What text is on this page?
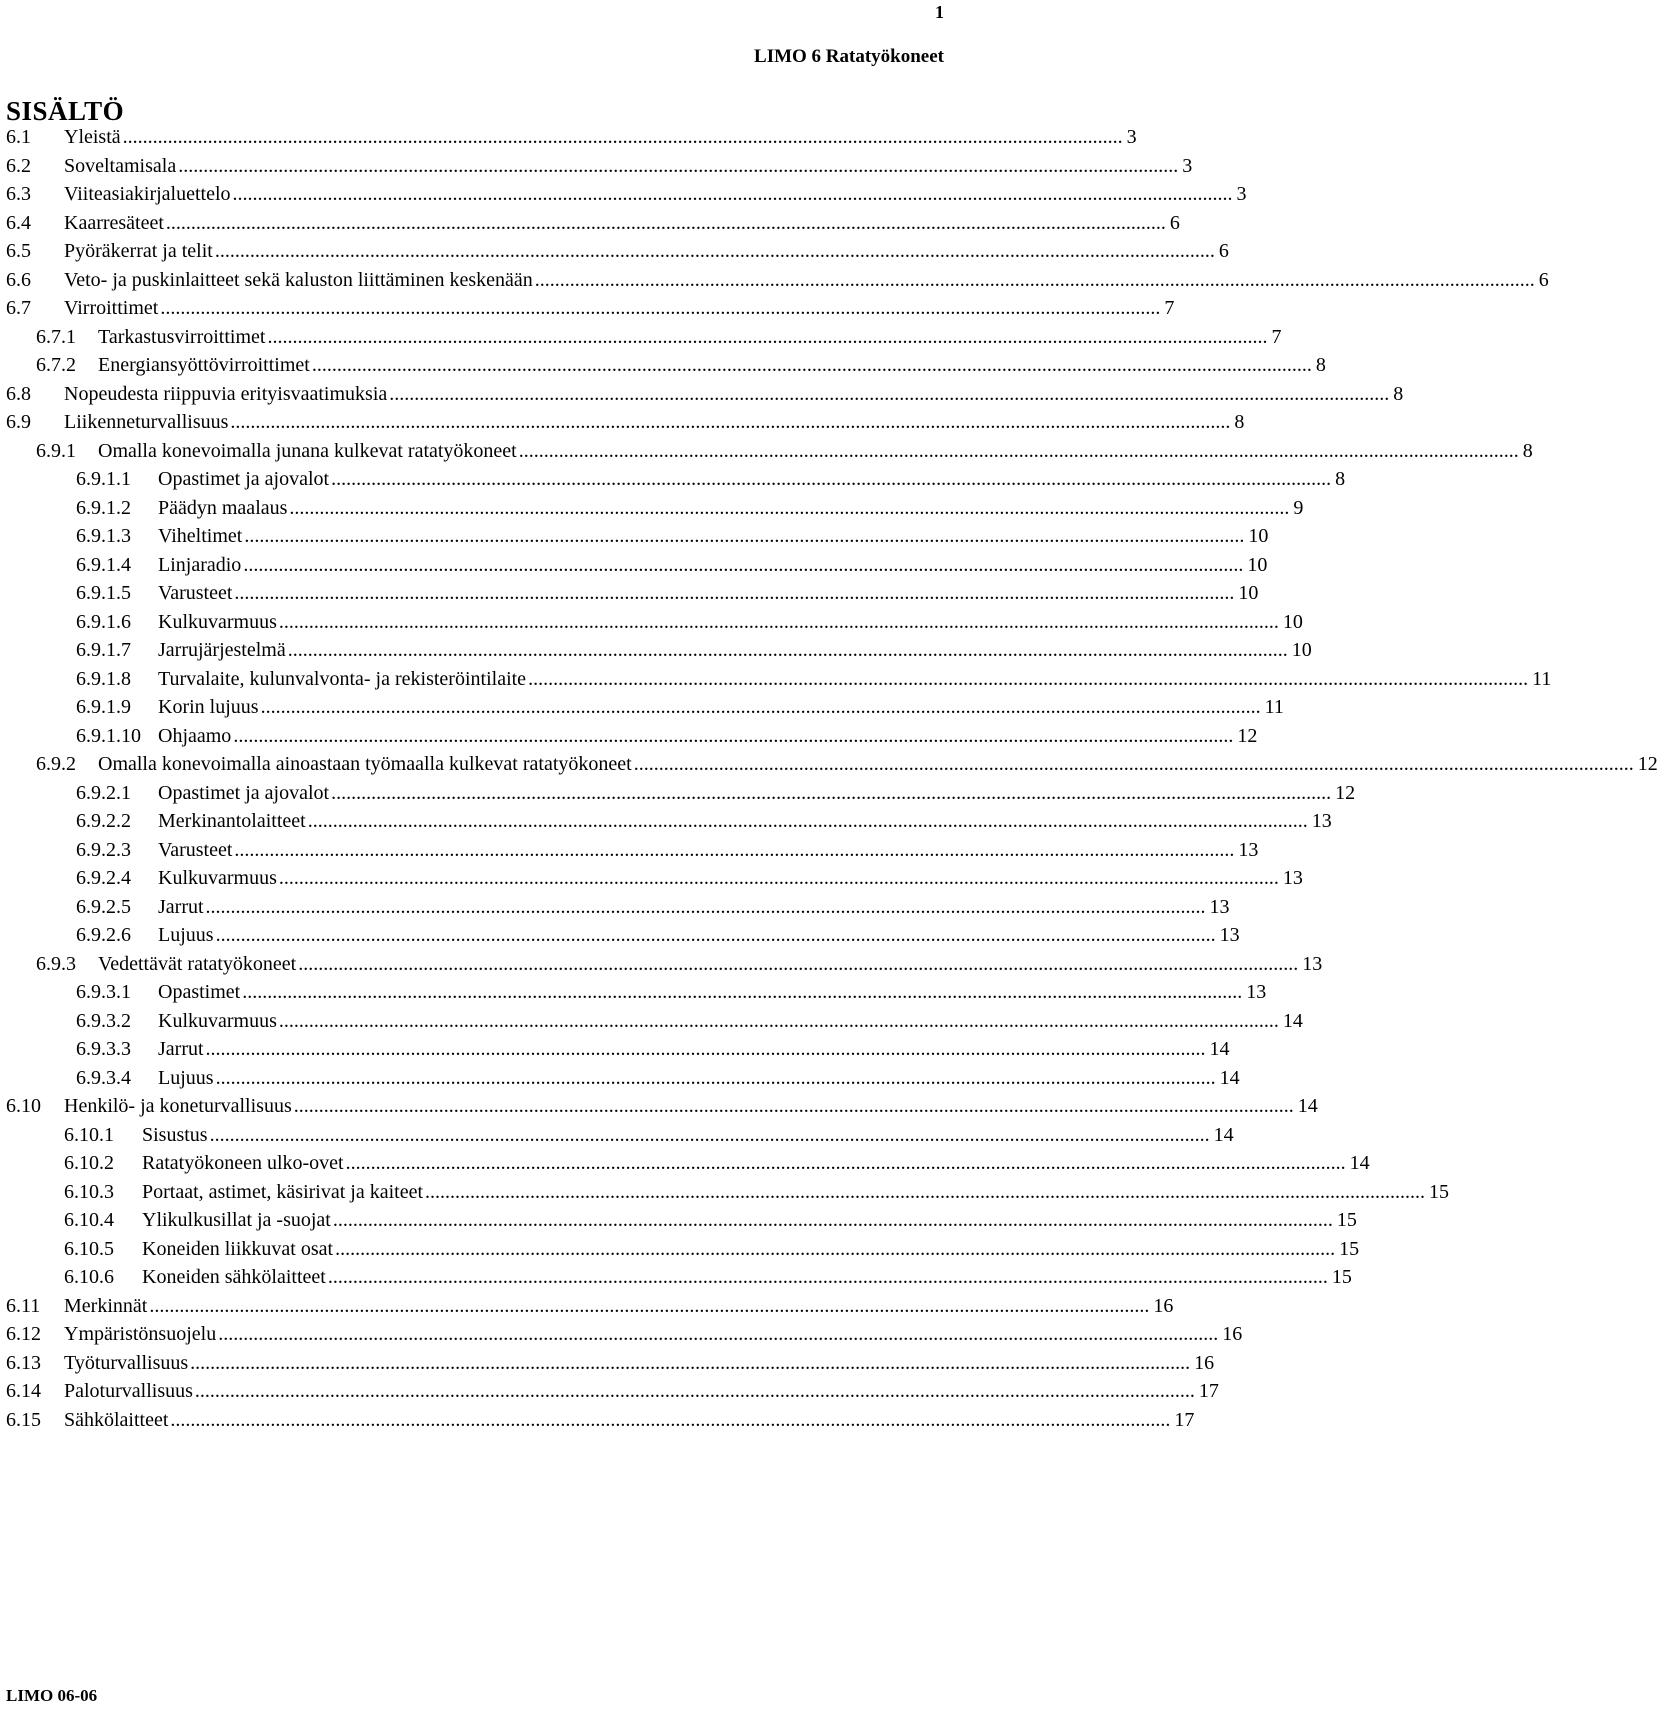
1
LIMO 6 Ratatyökoneet
SISÄLTÖ
6.1	Yleistä ........................................................................................................................................................................................................ 3
6.2	Soveltamisala ........................................................................................................................................................................................................ 3
6.3	Viiteasiakirjaluettelo ........................................................................................................................................................................................................ 3
6.4	Kaarresäteet ........................................................................................................................................................................................................ 6
6.5	Pyöräkerrat ja telit ........................................................................................................................................................................................................ 6
6.6	Veto- ja puskinlaitteet sekä kaluston liittäminen keskenään ........................................................................................................................................................................................................ 6
6.7	Virroittimet ........................................................................................................................................................................................................ 7
6.7.1	Tarkastusvirroittimet ........................................................................................................................................................................................................ 7
6.7.2	Energiansyöttövirroittimet ........................................................................................................................................................................................................ 8
6.8	Nopeudesta riippuvia erityisvaatimuksia ........................................................................................................................................................................................................ 8
6.9	Liikenneturvallisuus ........................................................................................................................................................................................................ 8
6.9.1	Omalla konevoimalla junana kulkevat ratatyökoneet ........................................................................................................................................................................................................ 8
6.9.1.1	Opastimet ja ajovalot ........................................................................................................................................................................................................ 8
6.9.1.2	Päädyn maalaus ........................................................................................................................................................................................................ 9
6.9.1.3	Viheltimet ........................................................................................................................................................................................................ 10
6.9.1.4	Linjaradio ........................................................................................................................................................................................................ 10
6.9.1.5	Varusteet ........................................................................................................................................................................................................ 10
6.9.1.6	Kulkuvarmuus ........................................................................................................................................................................................................ 10
6.9.1.7	Jarrujärjestelmä ........................................................................................................................................................................................................ 10
6.9.1.8	Turvalaite, kulunvalvonta- ja rekisteröintilaite ........................................................................................................................................................................................................ 11
6.9.1.9	Korin lujuus ........................................................................................................................................................................................................ 11
6.9.1.10 Ohjaamo ........................................................................................................................................................................................................ 12
6.9.2	Omalla konevoimalla ainoastaan työmaalla kulkevat ratatyökoneet ........................................................................................................................................................................................................ 12
6.9.2.1	Opastimet ja ajovalot ........................................................................................................................................................................................................ 12
6.9.2.2	Merkinantolaitteet ........................................................................................................................................................................................................ 13
6.9.2.3	Varusteet ........................................................................................................................................................................................................ 13
6.9.2.4	Kulkuvarmuus ........................................................................................................................................................................................................ 13
6.9.2.5	Jarrut ........................................................................................................................................................................................................ 13
6.9.2.6	Lujuus ........................................................................................................................................................................................................ 13
6.9.3	Vedettävät ratatyökoneet ........................................................................................................................................................................................................ 13
6.9.3.1	Opastimet ........................................................................................................................................................................................................ 13
6.9.3.2	Kulkuvarmuus ........................................................................................................................................................................................................ 14
6.9.3.3	Jarrut ........................................................................................................................................................................................................ 14
6.9.3.4	Lujuus ........................................................................................................................................................................................................ 14
6.10	Henkilö- ja koneturvallisuus ........................................................................................................................................................................................................ 14
6.10.1	Sisustus ........................................................................................................................................................................................................ 14
6.10.2	Ratatyökoneen ulko-ovet ........................................................................................................................................................................................................ 14
6.10.3	Portaat, astimet, käsirivat ja kaiteet ........................................................................................................................................................................................................ 15
6.10.4	Ylikulkusillat ja -suojat ........................................................................................................................................................................................................ 15
6.10.5	Koneiden liikkuvat osat ........................................................................................................................................................................................................ 15
6.10.6	Koneiden sähkölaitteet ........................................................................................................................................................................................................ 15
6.11	Merkinnät ........................................................................................................................................................................................................ 16
6.12	Ympäristönsuojelu ........................................................................................................................................................................................................ 16
6.13	Työturvallisuus ........................................................................................................................................................................................................ 16
6.14	Paloturvallisuus ........................................................................................................................................................................................................ 17
6.15	Sähkölaitteet ........................................................................................................................................................................................................ 17
LIMO 06-06
